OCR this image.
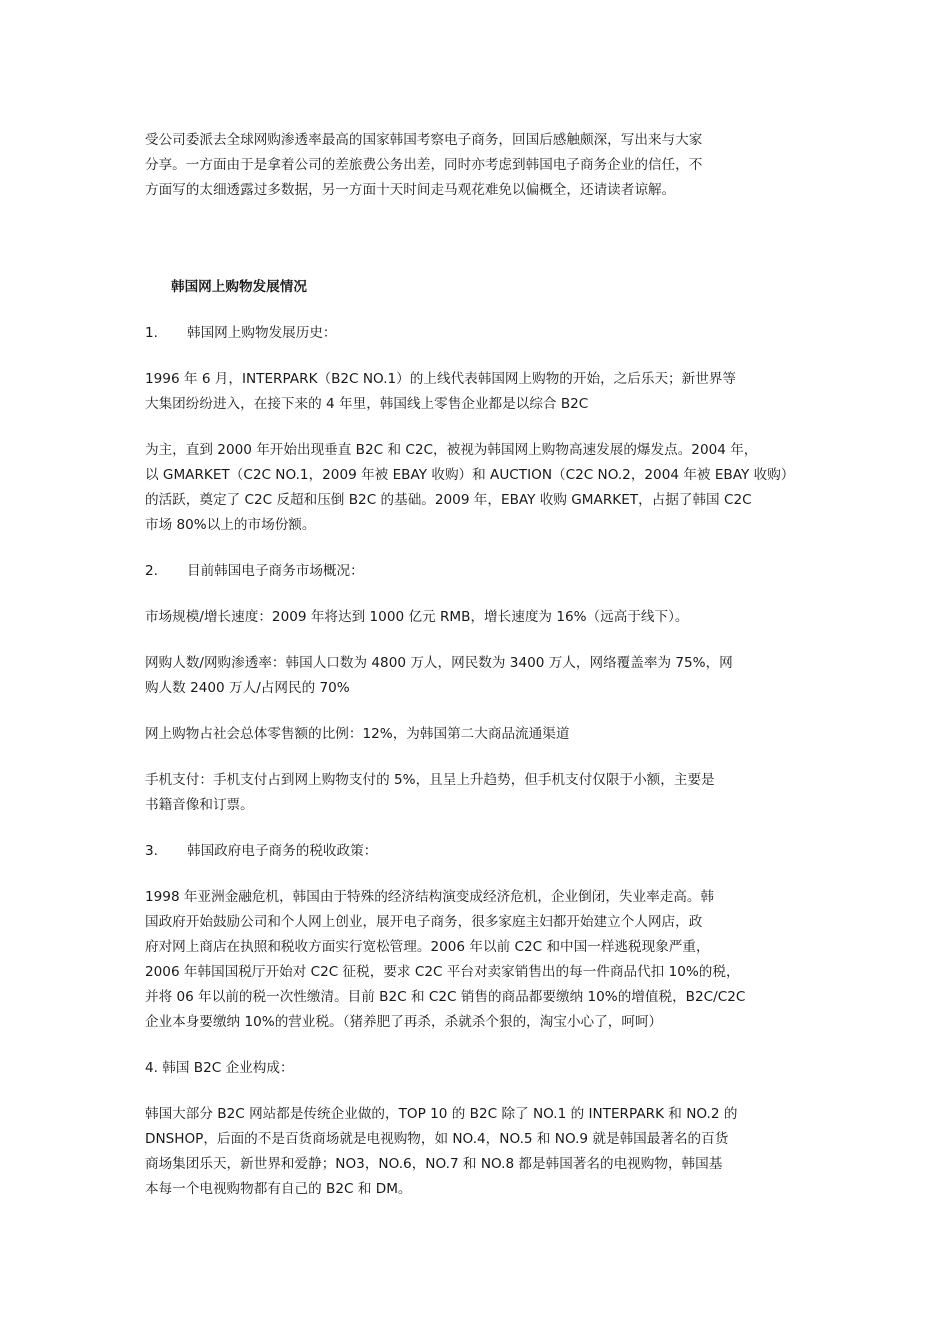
受公司委派去全球网购渗透率最高的国家韩国考察电子商务，回国后感触颇深，写出来与大家
分享。一方面由于是拿着公司的差旅费公务出差，同时亦考虑到韩国电子商务企业的信任，不
方面写的太细透露过多数据，另一方面十天时间走马观花难免以偏概全，还请读者谅解。

韩国网上购物发展情况

1. 韩国网上购物发展历史：

1996 年 6 月，INTERPARK（B2C NO.1）的上线代表韩国网上购物的开始，之后乐天；新世界等
大集团纷纷进入，在接下来的 4 年里，韩国线上零售企业都是以综合 B2C

为主，直到 2000 年开始出现垂直 B2C 和 C2C，被视为韩国网上购物高速发展的爆发点。2004 年，
以 GMARKET（C2C NO.1，2009 年被 EBAY 收购）和 AUCTION（C2C NO.2，2004 年被 EBAY 收购）
的活跃，奠定了 C2C 反超和压倒 B2C 的基础。2009 年，EBAY 收购 GMARKET，占据了韩国 C2C
市场 80%以上的市场份额。

2. 目前韩国电子商务市场概况：

市场规模/增长速度：2009 年将达到 1000 亿元 RMB，增长速度为 16%（远高于线下）。

网购人数/网购渗透率：韩国人口数为 4800 万人，网民数为 3400 万人，网络覆盖率为 75%，网
购人数 2400 万人/占网民的 70%

网上购物占社会总体零售额的比例：12%，为韩国第二大商品流通渠道

手机支付：手机支付占到网上购物支付的 5%，且呈上升趋势，但手机支付仅限于小额，主要是
书籍音像和订票。

3. 韩国政府电子商务的税收政策：

1998 年亚洲金融危机，韩国由于特殊的经济结构演变成经济危机，企业倒闭，失业率走高。韩
国政府开始鼓励公司和个人网上创业，展开电子商务，很多家庭主妇都开始建立个人网店，政
府对网上商店在执照和税收方面实行宽松管理。2006 年以前 C2C 和中国一样逃税现象严重，
2006 年韩国国税厅开始对 C2C 征税，要求 C2C 平台对卖家销售出的每一件商品代扣 10%的税，
并将 06 年以前的税一次性缴清。目前 B2C 和 C2C 销售的商品都要缴纳 10%的增值税，B2C/C2C
企业本身要缴纳 10%的营业税。（猪养肥了再杀，杀就杀个狠的，淘宝小心了，呵呵）

4. 韩国 B2C 企业构成：

韩国大部分 B2C 网站都是传统企业做的，TOP 10 的 B2C 除了 NO.1 的 INTERPARK 和 NO.2 的
DNSHOP，后面的不是百货商场就是电视购物，如 NO.4，NO.5 和 NO.9 就是韩国最著名的百货
商场集团乐天，新世界和爱静；NO3，NO.6，NO.7 和 NO.8 都是韩国著名的电视购物，韩国基
本每一个电视购物都有自己的 B2C 和 DM。
